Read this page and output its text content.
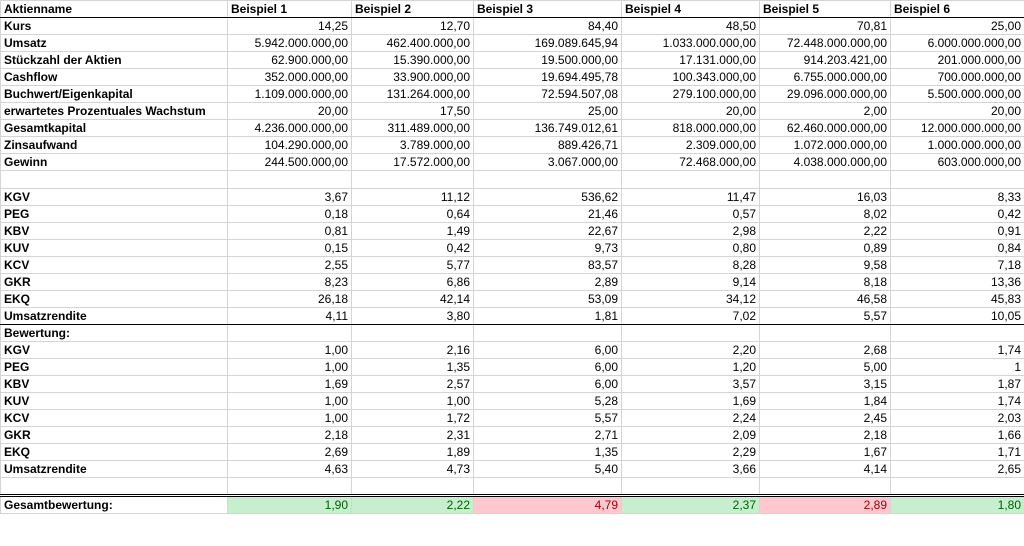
Aktienname	Beispiel 1	Beispiel 2	Beispiel 3	Beispiel 4	Beispiel 5	Beispiel 6
Kurs	14,25	12,70	84,40	48,50	70,81	25,00
Umsatz	5.942.000.000,00	462.400.000,00	169.089.645,94	1.033.000.000,00	72.448.000.000,00	6.000.000.000,00
Stückzahl der Aktien	62.900.000,00	15.390.000,00	19.500.000,00	17.131.000,00	914.203.421,00	201.000.000,00
Cashflow	352.000.000,00	33.900.000,00	19.694.495,78	100.343.000,00	6.755.000.000,00	700.000.000,00
Buchwert/Eigenkapital	1.109.000.000,00	131.264.000,00	72.594.507,08	279.100.000,00	29.096.000.000,00	5.500.000.000,00
erwartetes Prozentuales Wachstum	20,00	17,50	25,00	20,00	2,00	20,00
Gesamtkapital	4.236.000.000,00	311.489.000,00	136.749.012,61	818.000.000,00	62.460.000.000,00	12.000.000.000,00
Zinsaufwand	104.290.000,00	3.789.000,00	889.426,71	2.309.000,00	1.072.000.000,00	1.000.000.000,00
Gewinn	244.500.000,00	17.572.000,00	3.067.000,00	72.468.000,00	4.038.000.000,00	603.000.000,00

KGV	3,67	11,12	536,62	11,47	16,03	8,33
PEG	0,18	0,64	21,46	0,57	8,02	0,42
KBV	0,81	1,49	22,67	2,98	2,22	0,91
KUV	0,15	0,42	9,73	0,80	0,89	0,84
KCV	2,55	5,77	83,57	8,28	9,58	7,18
GKR	8,23	6,86	2,89	9,14	8,18	13,36
EKQ	26,18	42,14	53,09	34,12	46,58	45,83
Umsatzrendite	4,11	3,80	1,81	7,02	5,57	10,05
Bewertung:						
KGV	1,00	2,16	6,00	2,20	2,68	1,74
PEG	1,00	1,35	6,00	1,20	5,00	1
KBV	1,69	2,57	6,00	3,57	3,15	1,87
KUV	1,00	1,00	5,28	1,69	1,84	1,74
KCV	1,00	1,72	5,57	2,24	2,45	2,03
GKR	2,18	2,31	2,71	2,09	2,18	1,66
EKQ	2,69	1,89	1,35	2,29	1,67	1,71
Umsatzrendite	4,63	4,73	5,40	3,66	4,14	2,65

Gesamtbewertung:	1,90	2,22	4,79	2,37	2,89	1,80
